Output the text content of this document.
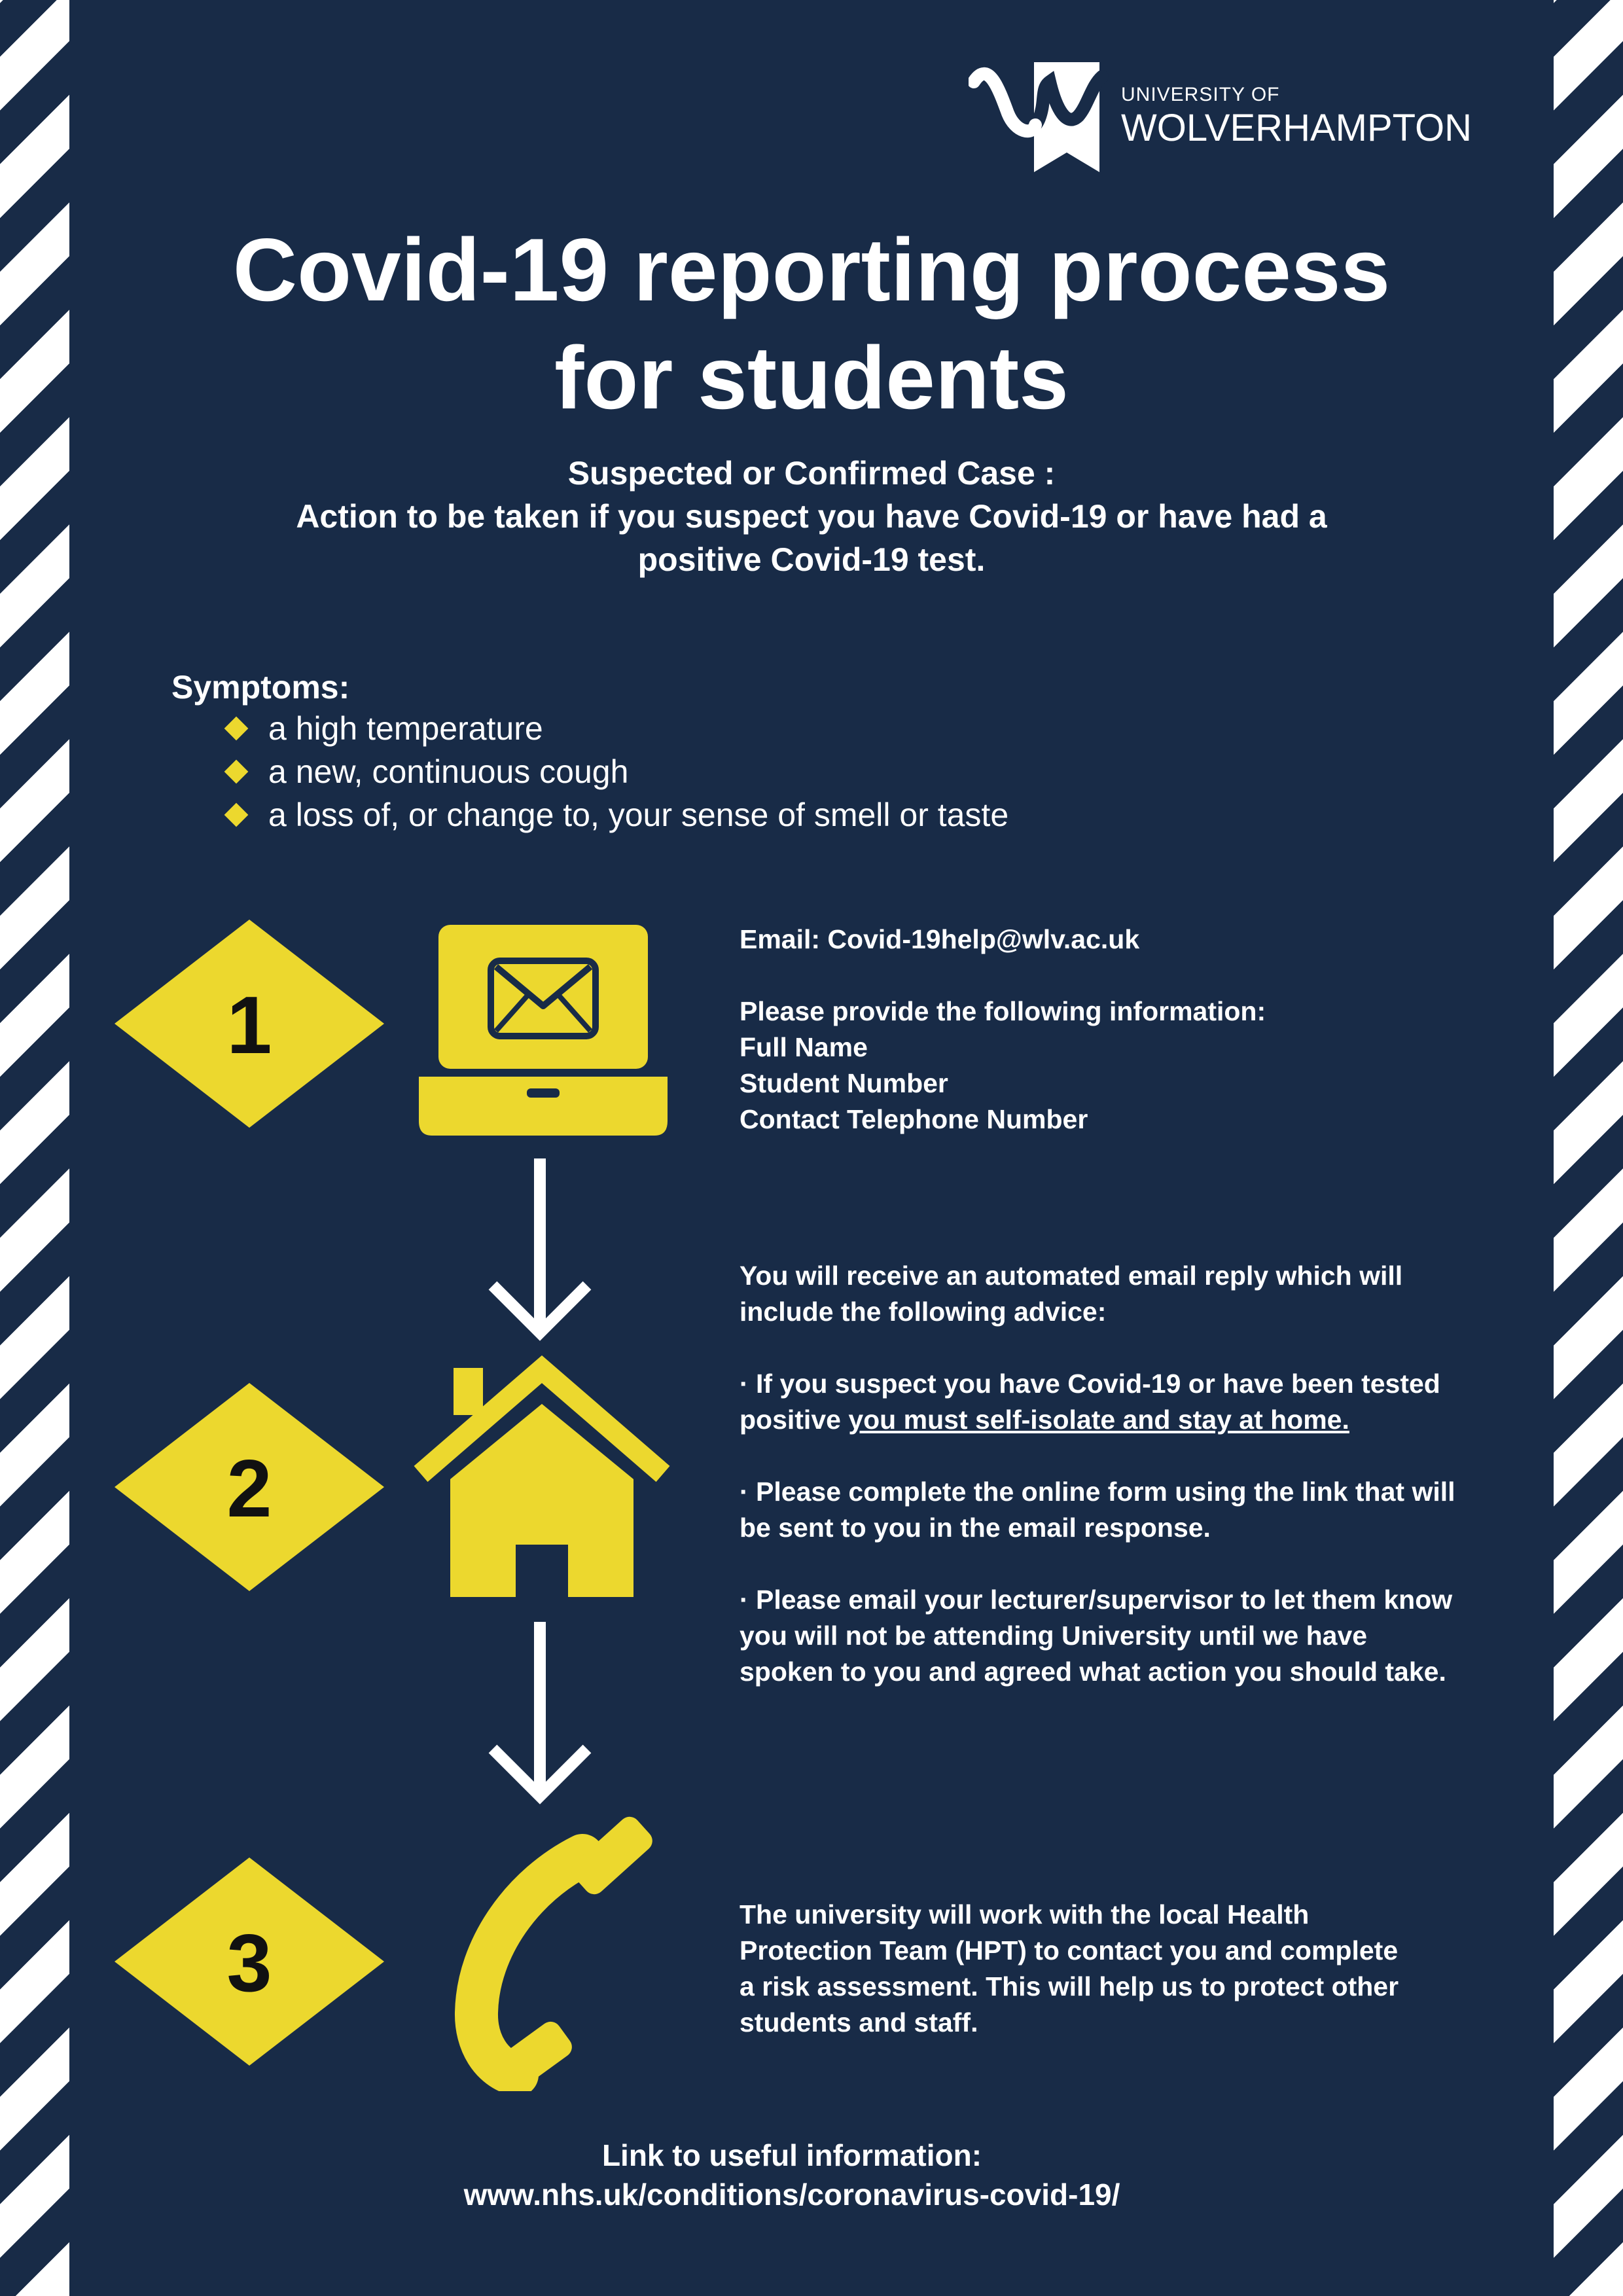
UNIVERSITY OF
WOLVERHAMPTON
Covid-19 reporting process
for students
Suspected or Confirmed Case :
Action to be taken if you suspect you have Covid-19 or have had a
positive Covid-19 test.
Symptoms:
a high temperature
a new, continuous cough
a loss of, or change to, your sense of smell or taste
1

Email: Covid-19help@wlv.ac.uk

Please provide the following information:

Full Name

Student Number

Contact Telephone Number

2

You will receive an automated email reply which will

include the following advice:

· If you suspect you have Covid-19 or have been tested

positive you must self-isolate and stay at home.

· Please complete the online form using the link that will

be sent to you in the email response.

· Please email your lecturer/supervisor to let them know

you will not be attending University until we have

spoken to you and agreed what action you should take.

3

The university will work with the local Health

Protection Team (HPT) to contact you and complete

a risk assessment. This will help us to protect other

students and staff.

Link to useful information:
www.nhs.uk/conditions/coronavirus-covid-19/
